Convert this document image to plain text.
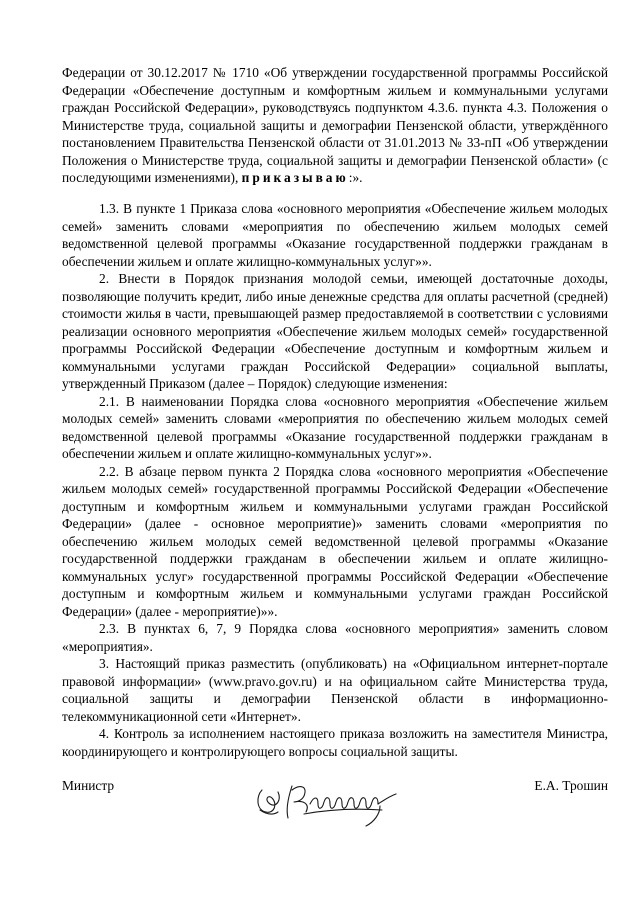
Федерации от 30.12.2017 № 1710 «Об утверждении государственной программы Российской Федерации «Обеспечение доступным и комфортным жильем и коммунальными услугами граждан Российской Федерации», руководствуясь подпунктом 4.3.6. пункта 4.3. Положения о Министерстве труда, социальной защиты и демографии Пензенской области, утверждённого постановлением Правительства Пензенской области от 31.01.2013 № 33-пП «Об утверждении Положения о Министерстве труда, социальной защиты и демографии Пензенской области» (с последующими изменениями), приказываю:».

1.3. В пункте 1 Приказа слова «основного мероприятия «Обеспечение жильем молодых семей» заменить словами «мероприятия по обеспечению жильем молодых семей ведомственной целевой программы «Оказание государственной поддержки гражданам в обеспечении жильем и оплате жилищно-коммунальных услуг»».

2. Внести в Порядок признания молодой семьи, имеющей достаточные доходы, позволяющие получить кредит, либо иные денежные средства для оплаты расчетной (средней) стоимости жилья в части, превышающей размер предоставляемой в соответствии с условиями реализации основного мероприятия «Обеспечение жильем молодых семей» государственной программы Российской Федерации «Обеспечение доступным и комфортным жильем и коммунальными услугами граждан Российской Федерации» социальной выплаты, утвержденный Приказом (далее – Порядок) следующие изменения:

2.1. В наименовании Порядка слова «основного мероприятия «Обеспечение жильем молодых семей» заменить словами «мероприятия по обеспечению жильем молодых семей ведомственной целевой программы «Оказание государственной поддержки гражданам в обеспечении жильем и оплате жилищно-коммунальных услуг»».

2.2. В абзаце первом пункта 2 Порядка слова «основного мероприятия «Обеспечение жильем молодых семей» государственной программы Российской Федерации «Обеспечение доступным и комфортным жильем и коммунальными услугами граждан Российской Федерации» (далее - основное мероприятие)» заменить словами «мероприятия по обеспечению жильем молодых семей ведомственной целевой программы «Оказание государственной поддержки гражданам в обеспечении жильем и оплате жилищно-коммунальных услуг» государственной программы Российской Федерации «Обеспечение доступным и комфортным жильем и коммунальными услугами граждан Российской Федерации» (далее - мероприятие)»».

2.3. В пунктах 6, 7, 9 Порядка слова «основного мероприятия» заменить словом «мероприятия».

3. Настоящий приказ разместить (опубликовать) на «Официальном интернет-портале правовой информации» (www.pravo.gov.ru) и на официальном сайте Министерства труда, социальной защиты и демографии Пензенской области в информационно-телекоммуникационной сети «Интернет».

4. Контроль за исполнением настоящего приказа возложить на заместителя Министра, координирующего и контролирующего вопросы социальной защиты.

Министр	Е.А. Трошин
